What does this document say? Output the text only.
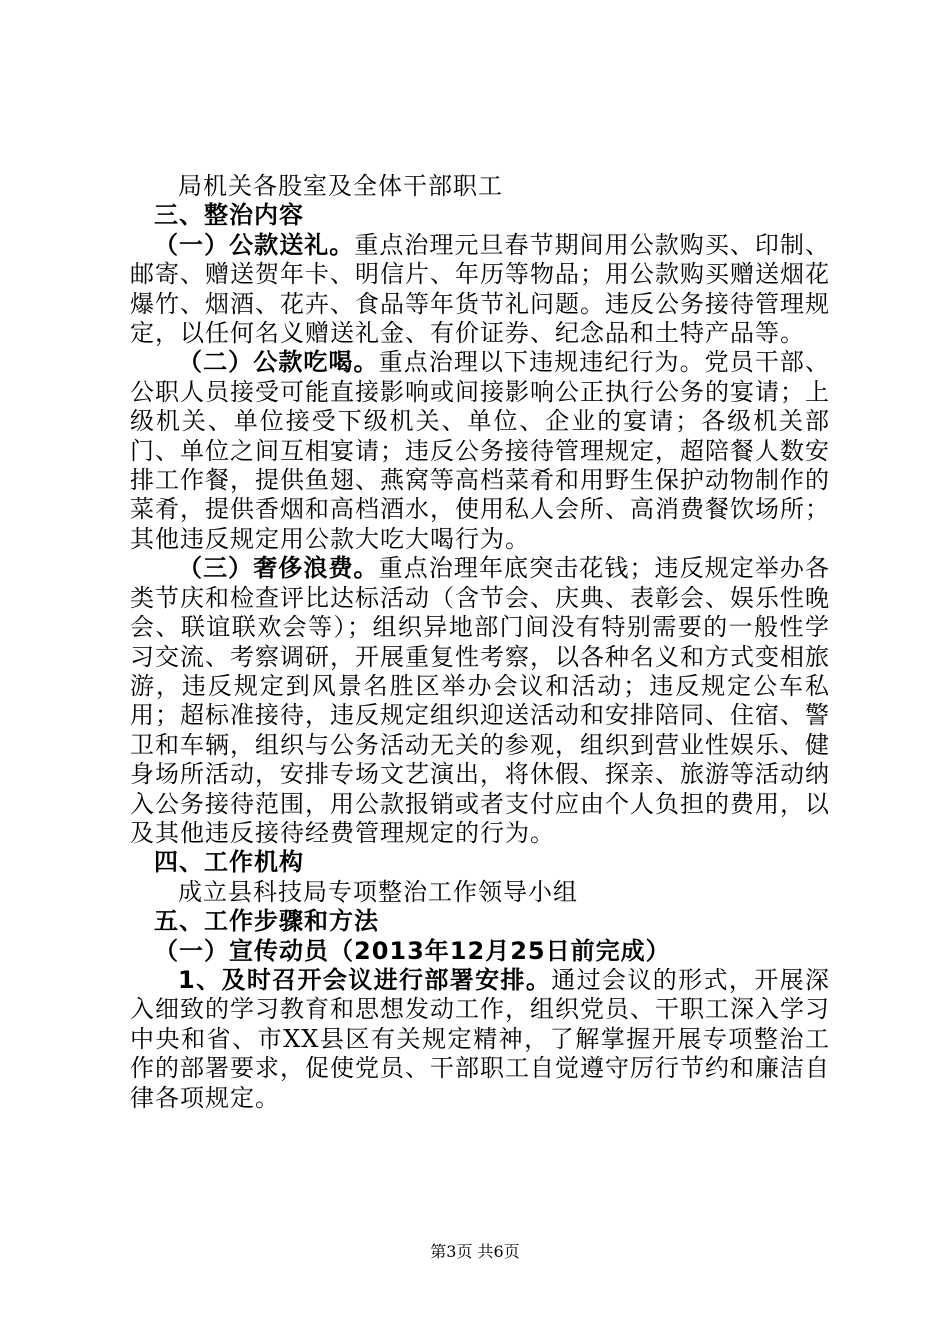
局机关各股室及全体干部职工

三、整治内容

（一）公款送礼。重点治理元旦春节期间用公款购买、印制、邮寄、赠送贺年卡、明信片、年历等物品；用公款购买赠送烟花爆竹、烟酒、花卉、食品等年货节礼问题。违反公务接待管理规定，以任何名义赠送礼金、有价证券、纪念品和土特产品等。

（二）公款吃喝。重点治理以下违规违纪行为。党员干部、公职人员接受可能直接影响或间接影响公正执行公务的宴请；上级机关、单位接受下级机关、单位、企业的宴请；各级机关部门、单位之间互相宴请；违反公务接待管理规定，超陪餐人数安排工作餐，提供鱼翅、燕窝等高档菜肴和用野生保护动物制作的菜肴，提供香烟和高档酒水，使用私人会所、高消费餐饮场所；其他违反规定用公款大吃大喝行为。

（三）奢侈浪费。重点治理年底突击花钱；违反规定举办各类节庆和检查评比达标活动（含节会、庆典、表彰会、娱乐性晚会、联谊联欢会等）；组织异地部门间没有特别需要的一般性学习交流、考察调研，开展重复性考察，以各种名义和方式变相旅游，违反规定到风景名胜区举办会议和活动；违反规定公车私用；超标准接待，违反规定组织迎送活动和安排陪同、住宿、警卫和车辆，组织与公务活动无关的参观，组织到营业性娱乐、健身场所活动，安排专场文艺演出，将休假、探亲、旅游等活动纳入公务接待范围，用公款报销或者支付应由个人负担的费用，以及其他违反接待经费管理规定的行为。

四、工作机构

成立县科技局专项整治工作领导小组

五、工作步骤和方法

（一）宣传动员（2013年12月25日前完成）

1、及时召开会议进行部署安排。通过会议的形式，开展深入细致的学习教育和思想发动工作，组织党员、干职工深入学习中央和省、市XX县区有关规定精神，了解掌握开展专项整治工作的部署要求，促使党员、干部职工自觉遵守厉行节约和廉洁自律各项规定。

第3页 共6页
